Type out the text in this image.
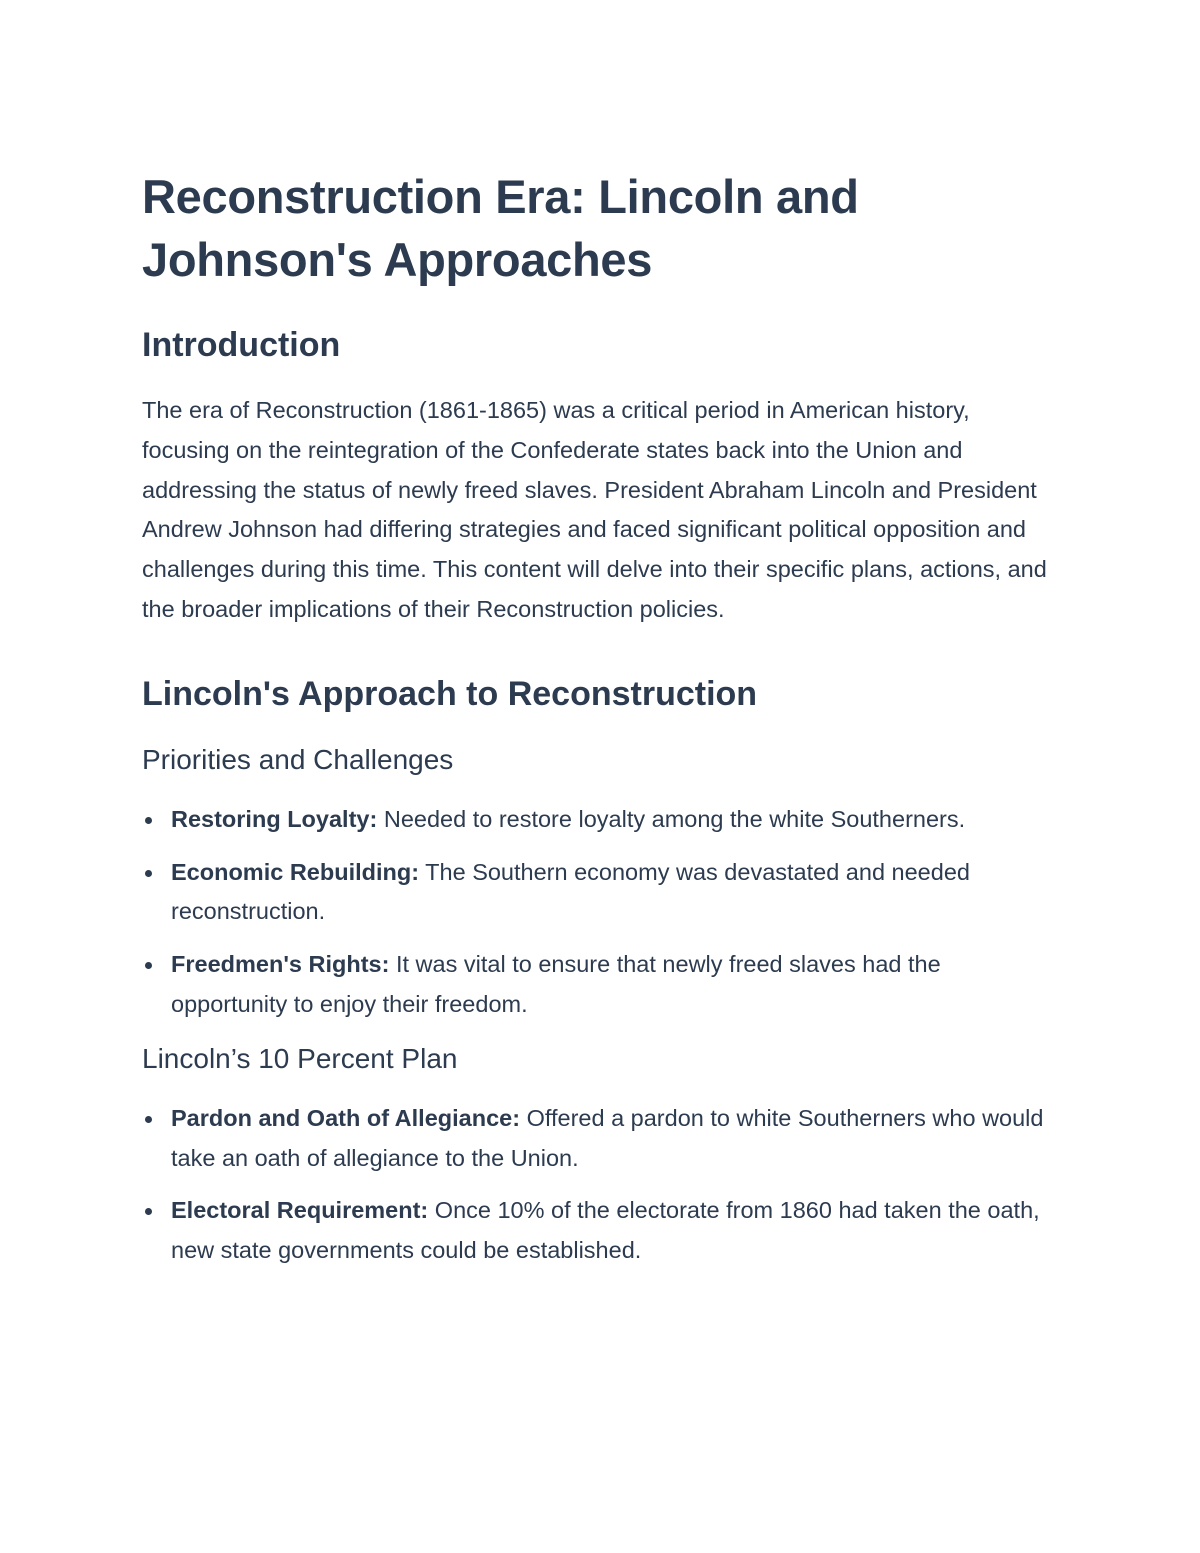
Reconstruction Era: Lincoln and Johnson's Approaches
Introduction

The era of Reconstruction (1861-1865) was a critical period in American history, focusing on the reintegration of the Confederate states back into the Union and addressing the status of newly freed slaves. President Abraham Lincoln and President Andrew Johnson had differing strategies and faced significant political opposition and challenges during this time. This content will delve into their specific plans, actions, and the broader implications of their Reconstruction policies.

Lincoln's Approach to Reconstruction
Priorities and Challenges
Restoring Loyalty: Needed to restore loyalty among the white Southerners.
Economic Rebuilding: The Southern economy was devastated and needed reconstruction.
Freedmen's Rights: It was vital to ensure that newly freed slaves had the opportunity to enjoy their freedom.
Lincoln’s 10 Percent Plan
Pardon and Oath of Allegiance: Offered a pardon to white Southerners who would take an oath of allegiance to the Union.
Electoral Requirement: Once 10% of the electorate from 1860 had taken the oath, new state governments could be established.
